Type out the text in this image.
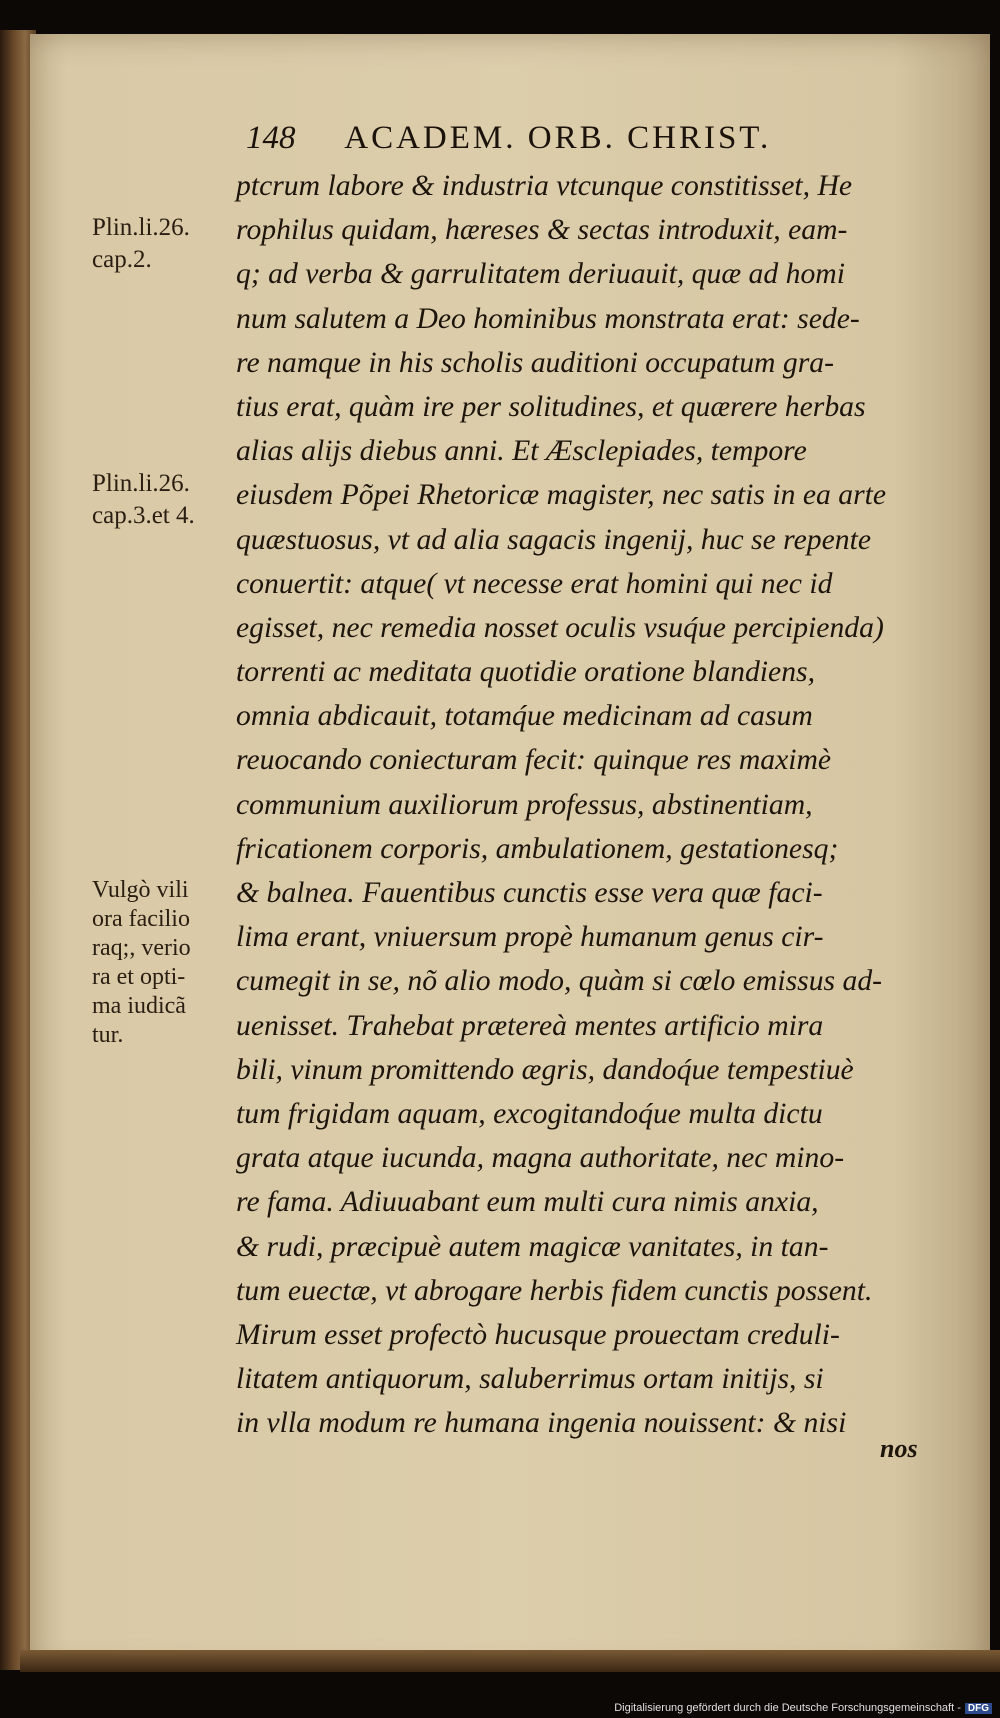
148 ACADEM. ORB. CHRIST.
ptcrum labore & industria vtcunque constitisset, He
rophilus quidam, hæreses & sectas introduxit, eam-
q; ad verba & garrulitatem deriuauit, quæ ad homi
num salutem a Deo hominibus monstrata erat: sede-
re namque in his scholis auditioni occupatum gra-
tius erat, quàm ire per solitudines, et quærere herbas
alias alijs diebus anni. Et Æsclepiades, tempore
eiusdem Põpei Rhetoricæ magister, nec satis in ea arte
quæstuosus, vt ad alia sagacis ingenij, huc se repente
conuertit: atque( vt necesse erat homini qui nec id
egisset, nec remedia nosset oculis vsuq́ue percipienda)
torrenti ac meditata quotidie oratione blandiens,
omnia abdicauit, totamq́ue medicinam ad casum
reuocando coniecturam fecit: quinque res maximè
communium auxiliorum professus, abstinentiam,
fricationem corporis, ambulationem, gestationesq;
& balnea. Fauentibus cunctis esse vera quæ faci-
lima erant, vniuersum propè humanum genus cir-
cumegit in se, nõ alio modo, quàm si cœlo emissus ad-
uenisset. Trahebat prætereà mentes artificio mira
bili, vinum promittendo ægris, dandoq́ue tempestiuè
tum frigidam aquam, excogitandoq́ue multa dictu
grata atque iucunda, magna authoritate, nec mino-
re fama. Adiuuabant eum multi cura nimis anxia,
& rudi, præcipuè autem magicæ vanitates, in tan-
tum euectæ, vt abrogare herbis fidem cunctis possent.
Mirum esset profectò hucusque prouectam creduli-
litatem antiquorum, saluberrimus ortam initijs, si
in vlla modum re humana ingenia nouissent: & nisi
nos
Plin.li.26.
cap.2.
Plin.li.26.
cap.3.et 4.
Vulgò vili
ora facilio
raq;, verio
ra et opti-
ma iudicã
tur.
Digitalisierung gefördert durch die Deutsche Forschungsgemeinschaft - DFG
